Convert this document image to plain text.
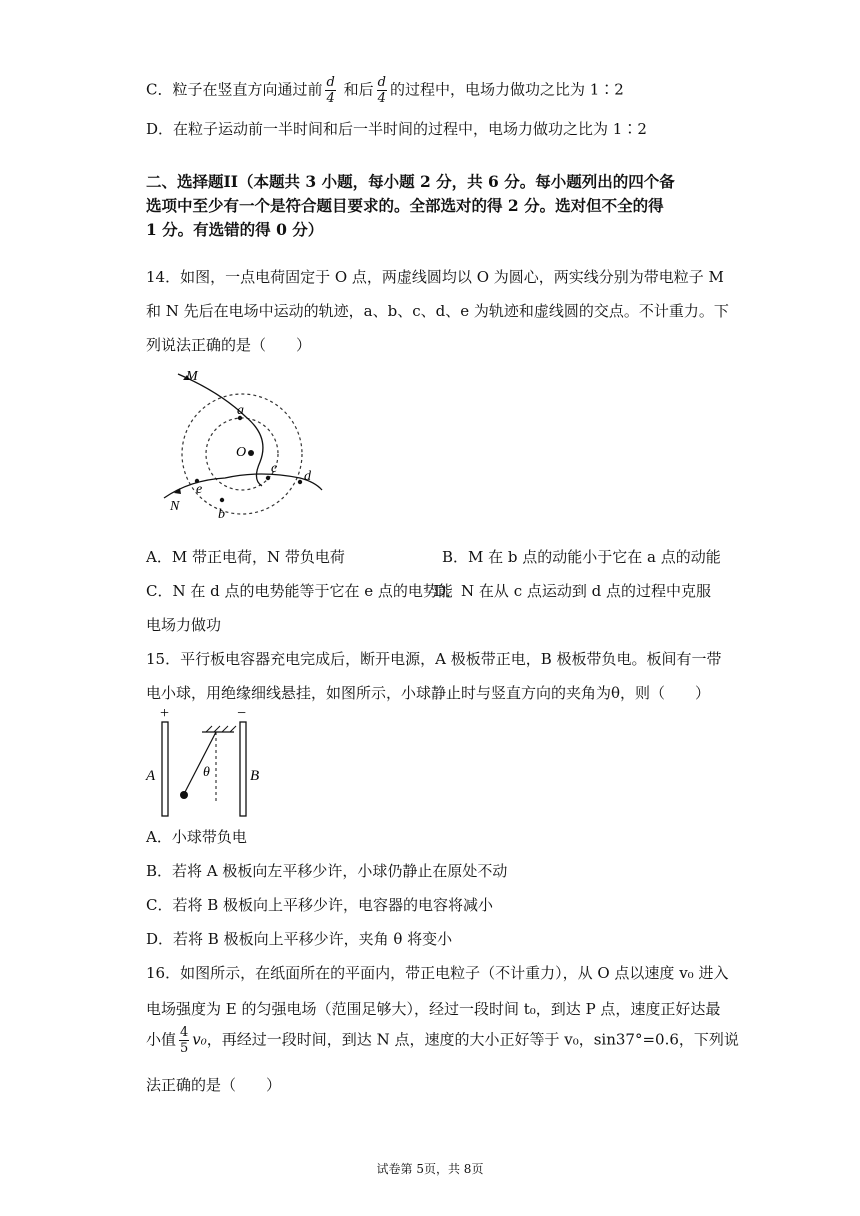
C．粒子在竖直方向通过前 $\frac{d}{4}$ 和后 $\frac{d}{4}$ 的过程中，电场力做功之比为 1∶2
D．在粒子运动前一半时间和后一半时间的过程中，电场力做功之比为 1∶2
二、选择题II（本题共 3 小题，每小题 2 分，共 6 分。每小题列出的四个备
选项中至少有一个是符合题目要求的。全部选对的得 2 分。选对但不全的得
1 分。有选错的得 0 分）
14．如图，一点电荷固定于 O 点，两虚线圆均以 O 为圆心，两实线分别为带电粒子 M
和 N 先后在电场中运动的轨迹，a、b、c、d、e 为轨迹和虚线圆的交点。不计重力。下
列说法正确的是（　　）
M
N
O
a
b
c
d
e
A．M 带正电荷，N 带负电荷	B．M 在 b 点的动能小于它在 a 点的动能
C．N 在 d 点的电势能等于它在 e 点的电势能
D．N 在从 c 点运动到 d 点的过程中克服
电场力做功
15．平行板电容器充电完成后，断开电源，A 极板带正电，B 极板带负电。板间有一带
电小球，用绝缘细线悬挂，如图所示，小球静止时与竖直方向的夹角为θ，则（　　）
+	−
A	B
θ
A．小球带负电
B．若将 A 极板向左平移少许，小球仍静止在原处不动
C．若将 B 极板向上平移少许，电容器的电容将减小
D．若将 B 极板向上平移少许，夹角 θ 将变小
16．如图所示，在纸面所在的平面内，带正电粒子（不计重力），从 O 点以速度 v₀ 进入
电场强度为 E 的匀强电场（范围足够大），经过一段时间 t₀，到达 P 点，速度正好达最
小值 $\frac{4}{5} v_0$，再经过一段时间，到达 N 点，速度的大小正好等于 v₀，sin37°=0.6，下列说
法正确的是（　　）
试卷第 5页，共 8页
